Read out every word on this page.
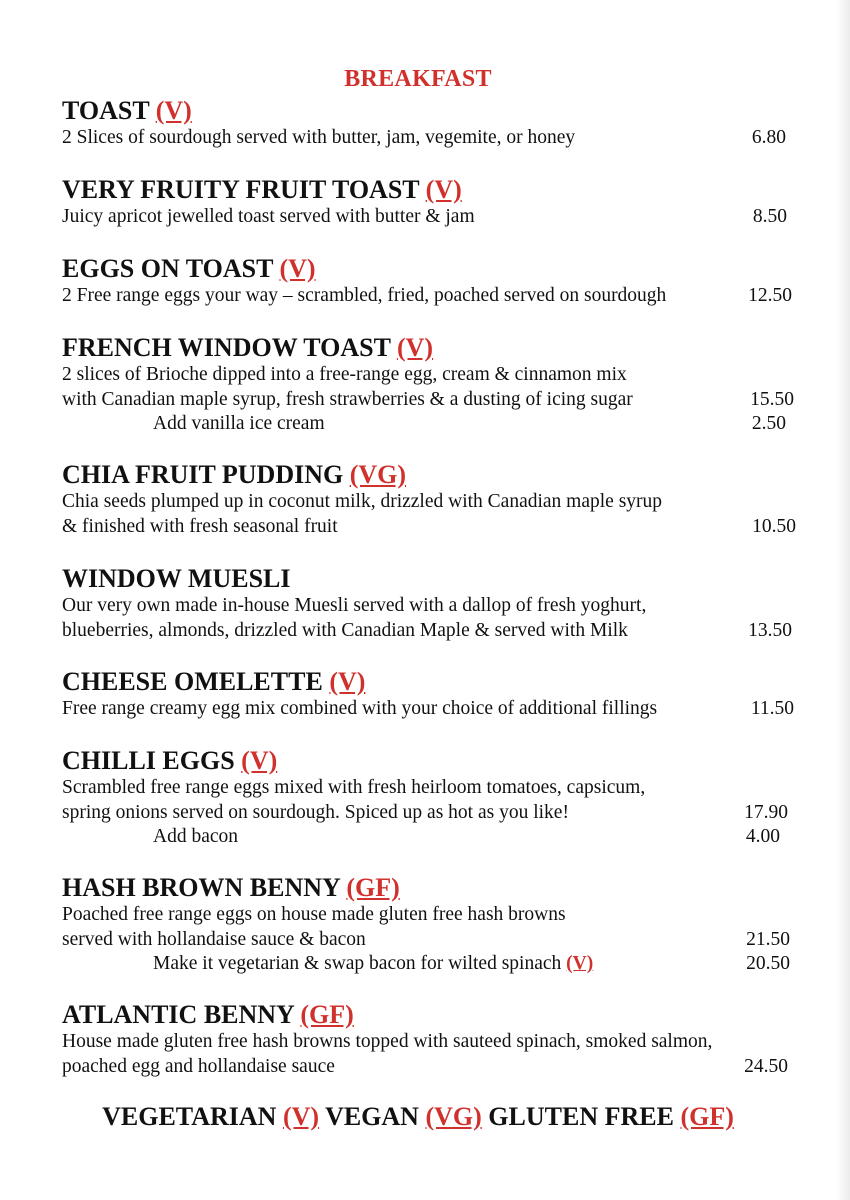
BREAKFAST
TOAST (V)
2 Slices of sourdough served with butter, jam, vegemite, or honey	6.80
VERY FRUITY FRUIT TOAST (V)
Juicy apricot jewelled toast served with butter & jam	8.50
EGGS ON TOAST (V)
2 Free range eggs your way – scrambled, fried, poached served on sourdough	12.50
FRENCH WINDOW TOAST (V)
2 slices of Brioche dipped into a free-range egg, cream & cinnamon mix
with Canadian maple syrup, fresh strawberries & a dusting of icing sugar	15.50
Add vanilla ice cream	2.50
CHIA FRUIT PUDDING (VG)
Chia seeds plumped up in coconut milk, drizzled with Canadian maple syrup
& finished with fresh seasonal fruit	10.50
WINDOW MUESLI
Our very own made in-house Muesli served with a dallop of fresh yoghurt,
blueberries, almonds, drizzled with Canadian Maple & served with Milk	13.50
CHEESE OMELETTE (V)
Free range creamy egg mix combined with your choice of additional fillings	11.50
CHILLI EGGS (V)
Scrambled free range eggs mixed with fresh heirloom tomatoes, capsicum,
spring onions served on sourdough. Spiced up as hot as you like!	17.90
Add bacon	4.00
HASH BROWN BENNY (GF)
Poached free range eggs on house made gluten free hash browns
served with hollandaise sauce & bacon	21.50
Make it vegetarian & swap bacon for wilted spinach (V)	20.50
ATLANTIC BENNY (GF)
House made gluten free hash browns topped with sauteed spinach, smoked salmon,
poached egg and hollandaise sauce	24.50
VEGETARIAN (V) VEGAN (VG) GLUTEN FREE (GF)
